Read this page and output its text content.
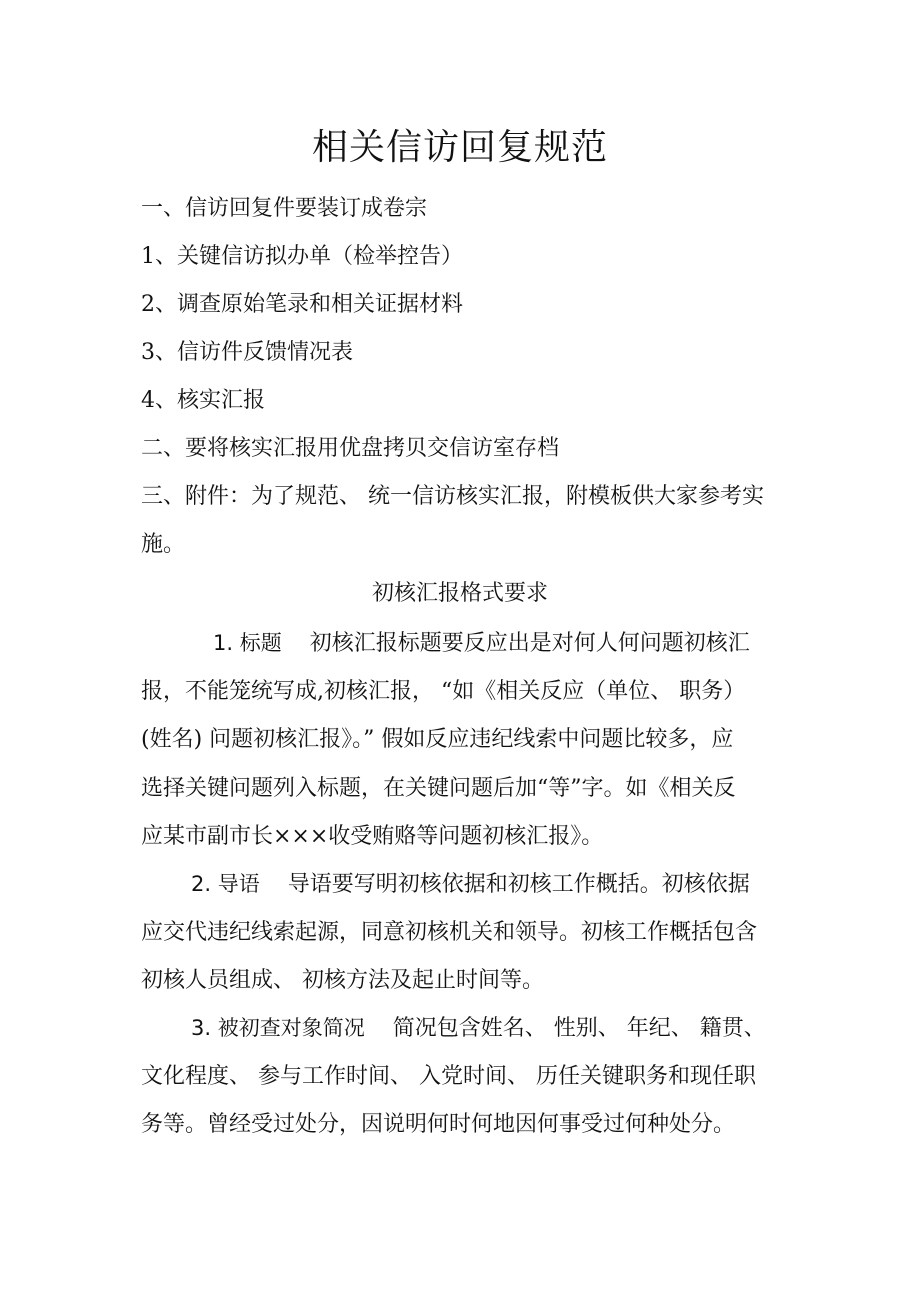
相关信访回复规范

一、信访回复件要装订成卷宗

1、关键信访拟办单（检举控告）

2、调查原始笔录和相关证据材料

3、信访件反馈情况表

4、核实汇报

二、要将核实汇报用优盘拷贝交信访室存档

三、附件：为了规范、 统一信访核实汇报，附模板供大家参考实

施。

初核汇报格式要求
1. 标题 初核汇报标题要反应出是对何人何问题初核汇
报，不能笼统写成,初核汇报， “如《相关反应（单位、 职务）
(姓名) 问题初核汇报》。” 假如反应违纪线索中问题比较多，应
选择关键问题列入标题，在关键问题后加“等”字。如《相关反
应某市副市长×××收受贿赂等问题初核汇报》。
2. 导语 导语要写明初核依据和初核工作概括。初核依据
应交代违纪线索起源，同意初核机关和领导。初核工作概括包含
初核人员组成、 初核方法及起止时间等。
3. 被初查对象简况 简况包含姓名、 性别、 年纪、 籍贯、
文化程度、 参与工作时间、 入党时间、 历任关键职务和现任职
务等。曾经受过处分，因说明何时何地因何事受过何种处分。
